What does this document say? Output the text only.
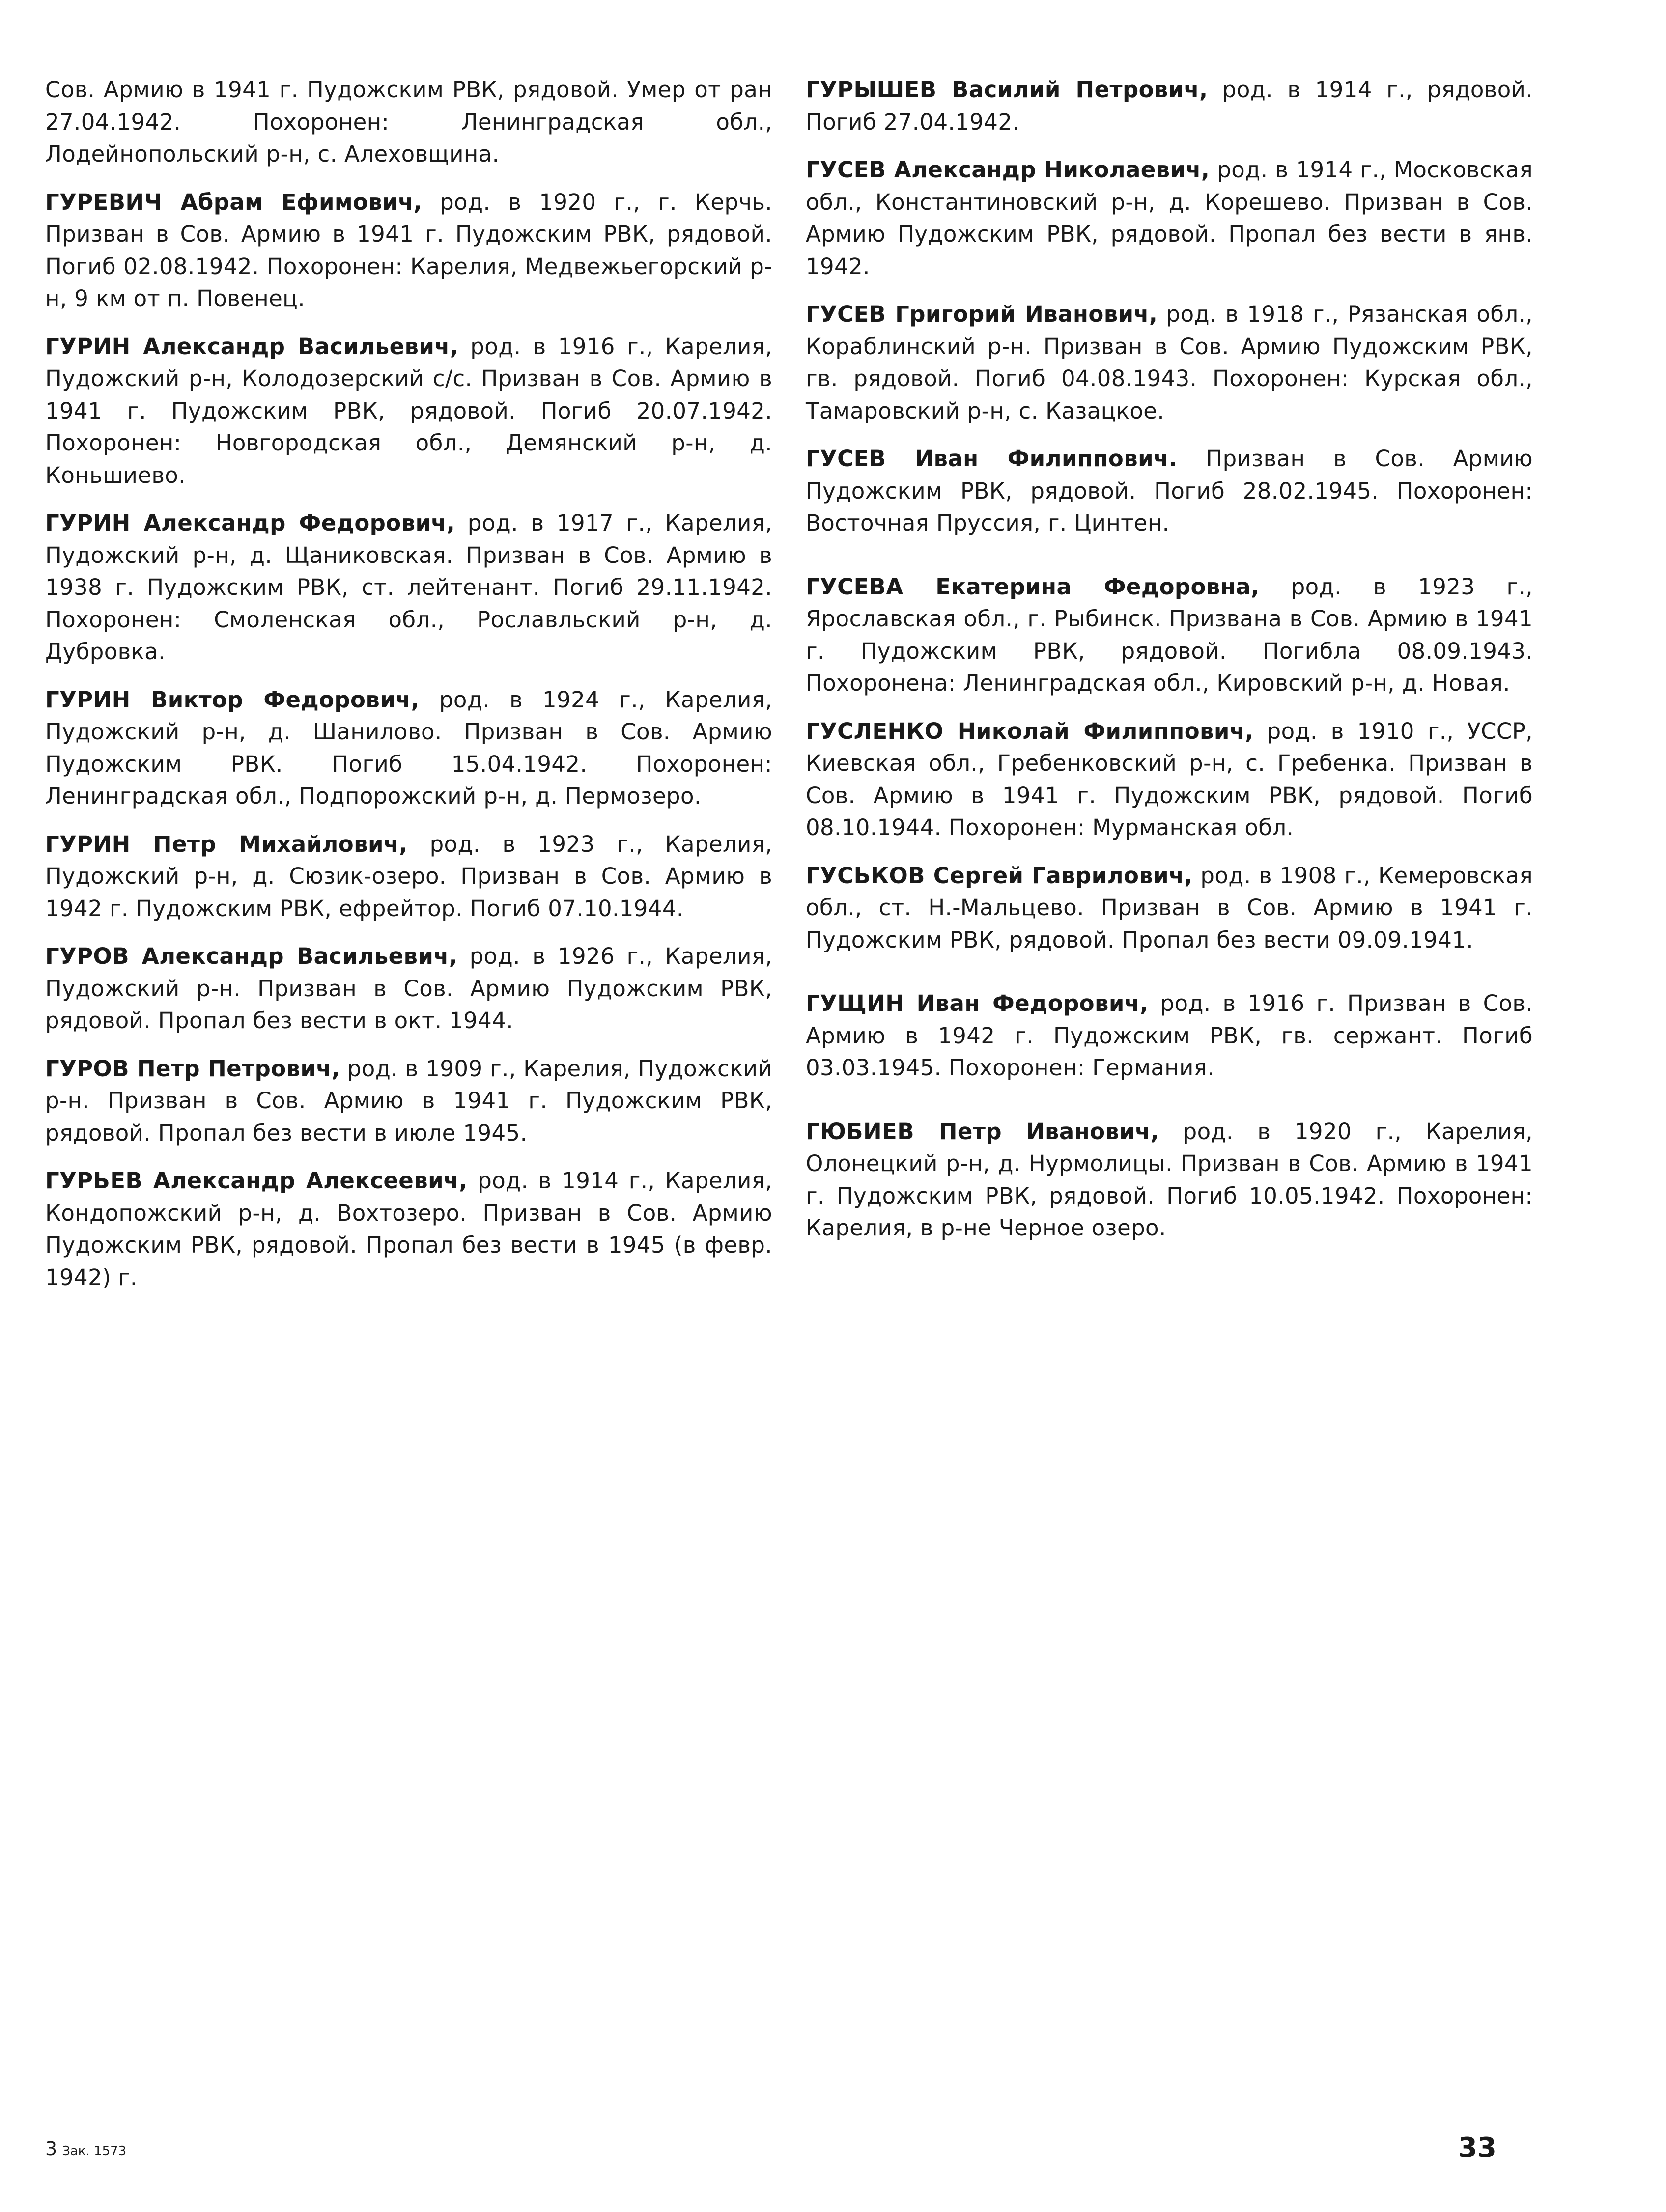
Сов. Армию в 1941 г. Пудожским РВК, рядовой. Умер от ран 27.04.1942. Похоронен: Ленинградская обл., Лодейнопольский р-н, с. Алеховщина.

ГУРЕВИЧ Абрам Ефимович, род. в 1920 г., г. Керчь. Призван в Сов. Армию в 1941 г. Пудожским РВК, рядовой. Погиб 02.08.1942. Похоронен: Карелия, Медвежьегорский р-н, 9 км от п. Повенец.

ГУРИН Александр Васильевич, род. в 1916 г., Карелия, Пудожский р-н, Колодозерский с/с. Призван в Сов. Армию в 1941 г. Пудожским РВК, рядовой. Погиб 20.07.1942. Похоронен: Новгородская обл., Демянский р-н, д. Коньшиево.

ГУРИН Александр Федорович, род. в 1917 г., Карелия, Пудожский р-н, д. Щаниковская. Призван в Сов. Армию в 1938 г. Пудожским РВК, ст. лейтенант. Погиб 29.11.1942. Похоронен: Смоленская обл., Рославльский р-н, д. Дубровка.

ГУРИН Виктор Федорович, род. в 1924 г., Карелия, Пудожский р-н, д. Шанилово. Призван в Сов. Армию Пудожским РВК. Погиб 15.04.1942. Похоронен: Ленинградская обл., Подпорожский р-н, д. Пермозеро.

ГУРИН Петр Михайлович, род. в 1923 г., Карелия, Пудожский р-н, д. Сюзик-озеро. Призван в Сов. Армию в 1942 г. Пудожским РВК, ефрейтор. Погиб 07.10.1944.

ГУРОВ Александр Васильевич, род. в 1926 г., Карелия, Пудожский р-н. Призван в Сов. Армию Пудожским РВК, рядовой. Пропал без вести в окт. 1944.

ГУРОВ Петр Петрович, род. в 1909 г., Карелия, Пудожский р-н. Призван в Сов. Армию в 1941 г. Пудожским РВК, рядовой. Пропал без вести в июле 1945.

ГУРЬЕВ Александр Алексеевич, род. в 1914 г., Карелия, Кондопожский р-н, д. Вохтозеро. Призван в Сов. Армию Пудожским РВК, рядовой. Пропал без вести в 1945 (в февр. 1942) г.

ГУРЫШЕВ Василий Петрович, род. в 1914 г., рядовой. Погиб 27.04.1942.

ГУСЕВ Александр Николаевич, род. в 1914 г., Московская обл., Константиновский р-н, д. Корешево. Призван в Сов. Армию Пудожским РВК, рядовой. Пропал без вести в янв. 1942.

ГУСЕВ Григорий Иванович, род. в 1918 г., Рязанская обл., Кораблинский р-н. Призван в Сов. Армию Пудожским РВК, гв. рядовой. Погиб 04.08.1943. Похоронен: Курская обл., Тамаровский р-н, с. Казацкое.

ГУСЕВ Иван Филиппович. Призван в Сов. Армию Пудожским РВК, рядовой. Погиб 28.02.1945. Похоронен: Восточная Пруссия, г. Цинтен.

ГУСЕВА Екатерина Федоровна, род. в 1923 г., Ярославская обл., г. Рыбинск. Призвана в Сов. Армию в 1941 г. Пудожским РВК, рядовой. Погибла 08.09.1943. Похоронена: Ленинградская обл., Кировский р-н, д. Новая.

ГУСЛЕНКО Николай Филиппович, род. в 1910 г., УССР, Киевская обл., Гребенковский р-н, с. Гребенка. Призван в Сов. Армию в 1941 г. Пудожским РВК, рядовой. Погиб 08.10.1944. Похоронен: Мурманская обл.

ГУСЬКОВ Сергей Гаврилович, род. в 1908 г., Кемеровская обл., ст. Н.-Мальцево. Призван в Сов. Армию в 1941 г. Пудожским РВК, рядовой. Пропал без вести 09.09.1941.

ГУЩИН Иван Федорович, род. в 1916 г. Призван в Сов. Армию в 1942 г. Пудожским РВК, гв. сержант. Погиб 03.03.1945. Похоронен: Германия.

ГЮБИЕВ Петр Иванович, род. в 1920 г., Карелия, Олонецкий р-н, д. Нурмолицы. Призван в Сов. Армию в 1941 г. Пудожским РВК, рядовой. Погиб 10.05.1942. Похоронен: Карелия, в р-не Черное озеро.

3 Зак. 1573	33
